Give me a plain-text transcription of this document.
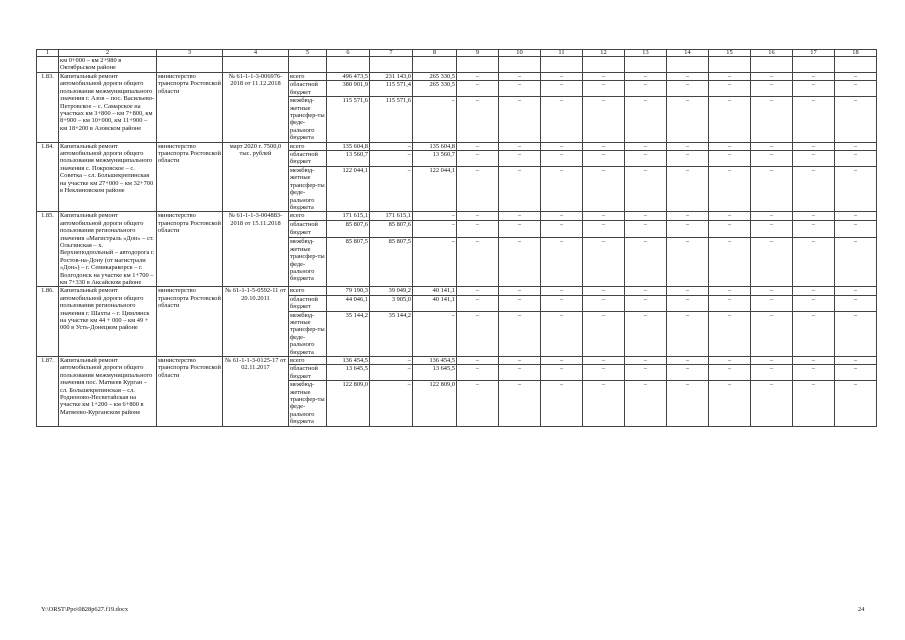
1	2	3	4	5	6	7	8	9	10	11	12	13	14	15	16	17	18
	км 0+000 – км 2+980 в Октябрьском районе																
1.83.	Капитальный ремонт автомобильной дороги общего пользования межмуниципального значения г. Азов – пос. Васильево-Петровское – с. Самарское на участках км 3+800 – км 7+800, км 8+900 – км 10+000, км 11+900 – км 18+200 в Азовском районе	министерство транспорта Ростовской области	№ 61-1-1-3-006976-2018 от 11.12.2018	всего	496 473,5	231 143,0	265 330,5	–	–	–	–	–	–	–	–	–	–
				областной бюджет	380 901,9	115 571,4	265 330,5	–	–	–	–	–	–	–	–	–	–
				межбюд-жетные трансфер-ты феде-рального бюджета	115 571,6	115 571,6	–	–	–	–	–	–	–	–	–	–	–
1.84.	Капитальный ремонт автомобильной дороги общего пользования межмуниципального значения с. Покровское – с. Советка – сл. Большекрепинская на участке км 27+000 – км 32+700 в Неклиновском районе	министерство транспорта Ростовской области	март 2020 г. 7500,0 тыс. рублей	всего	135 604,8	–	135 604,8	–	–	–	–	–	–	–	–	–	–
				областной бюджет	13 560,7	–	13 560,7	–	–	–	–	–	–	–	–	–	–
				межбюд-жетные трансфер-ты феде-рального бюджета	122 044,1	–	122 044,1	–	–	–	–	–	–	–	–	–	–
1.85.	Капитальный ремонт автомобильной дороги общего пользования регионального значения «Магистраль «Дон» – ст. Ольгинская – х. Верхнеподпольный – автодорога г. Ростов-на-Дону (от магистрали «Дон») – г. Семикаракорск – г. Волгодонск на участке км 1+700 – км 7+330 в Аксайском районе	министерство транспорта Ростовской области	№ 61-1-1-3-004883-2018 от 15.11.2018	всего	171 615,1	171 615,1	–	–	–	–	–	–	–	–	–	–	–
				областной бюджет	85 807,6	85 807,6	–	–	–	–	–	–	–	–	–	–	–
				межбюд-жетные трансфер-ты феде-рального бюджета	85 807,5	85 807,5	–	–	–	–	–	–	–	–	–	–	–
1.86.	Капитальный ремонт автомобильной дороги общего пользования регионального значения г. Шахты – г. Цимлянск на участке км 44 + 000 – км 49 + 000 в Усть-Донецком районе	министерство транспорта Ростовской области	№ 61-1-1-5-0592-11 от 20.10.2011	всего	79 190,3	39 049,2	40 141,1	–	–	–	–	–	–	–	–	–	–
				областной бюджет	44 046,1	3 905,0	40 141,1	–	–	–	–	–	–	–	–	–	–
				межбюд-жетные трансфер-ты феде-рального бюджета	35 144,2	35 144,2	–	–	–	–	–	–	–	–	–	–	–
1.87.	Капитальный ремонт автомобильной дороги общего пользования межмуниципального значения пос. Матвеев Курган – сл. Большекрепинская – сл. Родионово-Несветайская на участке км 1+200 – км 6+800 в Матвеево-Курганском районе	министерство транспорта Ростовской области	№ 61-1-1-3-0125-17 от 02.11.2017	всего	136 454,5	–	136 454,5	–	–	–	–	–	–	–	–	–	–
				областной бюджет	13 645,5	–	13 645,5	–	–	–	–	–	–	–	–	–	–
				межбюд-жетные трансфер-ты феде-рального бюджета	122 809,0	–	122 809,0	–	–	–	–	–	–	–	–	–	–
Y:\ORST\Ppo\0828p627.f19.docx	24
